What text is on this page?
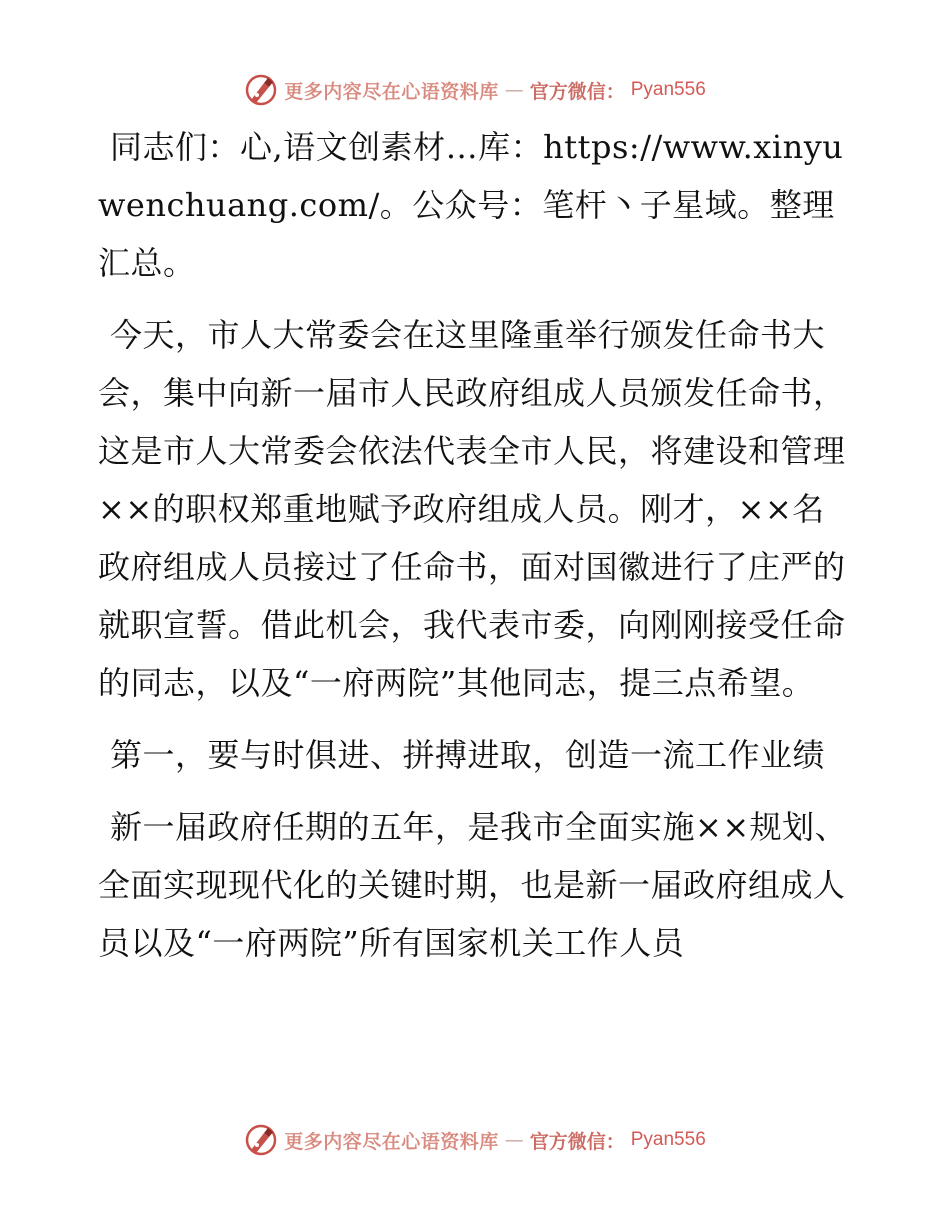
更多内容尽在心语资料库 — 官方微信： Pyan556

同志们：心,语文创素材…库：https://www.xinyuwenchuang.com/。公众号：笔杆丶子星域。整理汇总。

今天，市人大常委会在这里隆重举行颁发任命书大会，集中向新一届市人民政府组成人员颁发任命书，这是市人大常委会依法代表全市人民，将建设和管理××的职权郑重地赋予政府组成人员。刚才，××名政府组成人员接过了任命书，面对国徽进行了庄严的就职宣誓。借此机会，我代表市委，向刚刚接受任命的同志，以及“一府两院”其他同志，提三点希望。

第一，要与时俱进、拼搏进取，创造一流工作业绩

新一届政府任期的五年，是我市全面实施××规划、全面实现现代化的关键时期，也是新一届政府组成人员以及“一府两院”所有国家机关工作人员

更多内容尽在心语资料库 — 官方微信： Pyan556
